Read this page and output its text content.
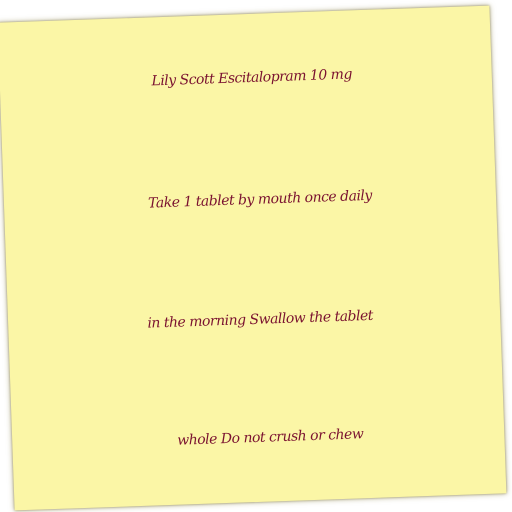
Lily Scott Escitalopram 10 mg
Take 1 tablet by mouth once daily
in the morning Swallow the tablet
whole Do not crush or chew
